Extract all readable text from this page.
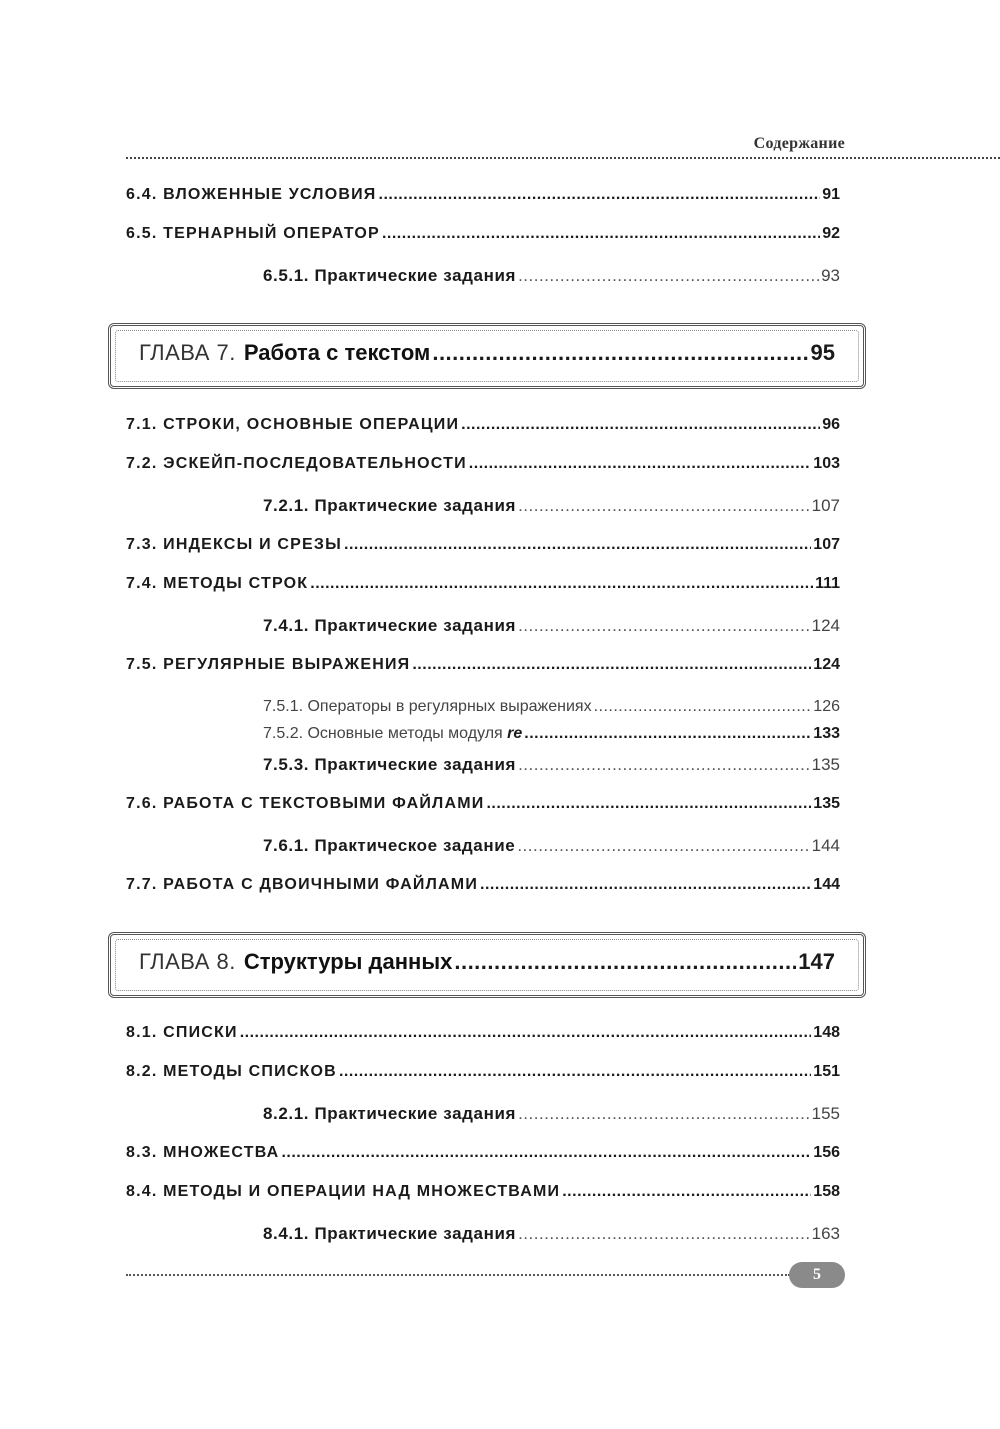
Содержание
6.4. ВЛОЖЕННЫЕ УСЛОВИЯ .....	91
6.5. ТЕРНАРНЫЙ ОПЕРАТОР .....	92
6.5.1. Практические задания .....	93
ГЛАВА 7. Работа с текстом .....	95
7.1. СТРОКИ, ОСНОВНЫЕ ОПЕРАЦИИ .....	96
7.2. ЭСКЕЙП-ПОСЛЕДОВАТЕЛЬНОСТИ .....	103
7.2.1. Практические задания .....	107
7.3. ИНДЕКСЫ И СРЕЗЫ .....	107
7.4. МЕТОДЫ СТРОК .....	111
7.4.1. Практические задания .....	124
7.5. РЕГУЛЯРНЫЕ ВЫРАЖЕНИЯ .....	124
7.5.1. Операторы в регулярных выражениях .....	126
7.5.2. Основные методы модуля re .....	133
7.5.3. Практические задания .....	135
7.6. РАБОТА С ТЕКСТОВЫМИ ФАЙЛАМИ .....	135
7.6.1. Практическое задание .....	144
7.7. РАБОТА С ДВОИЧНЫМИ ФАЙЛАМИ .....	144
ГЛАВА 8. Структуры данных .....	147
8.1. СПИСКИ .....	148
8.2. МЕТОДЫ СПИСКОВ .....	151
8.2.1. Практические задания .....	155
8.3. МНОЖЕСТВА .....	156
8.4. МЕТОДЫ И ОПЕРАЦИИ НАД МНОЖЕСТВАМИ .....	158
8.4.1. Практические задания .....	163
5
